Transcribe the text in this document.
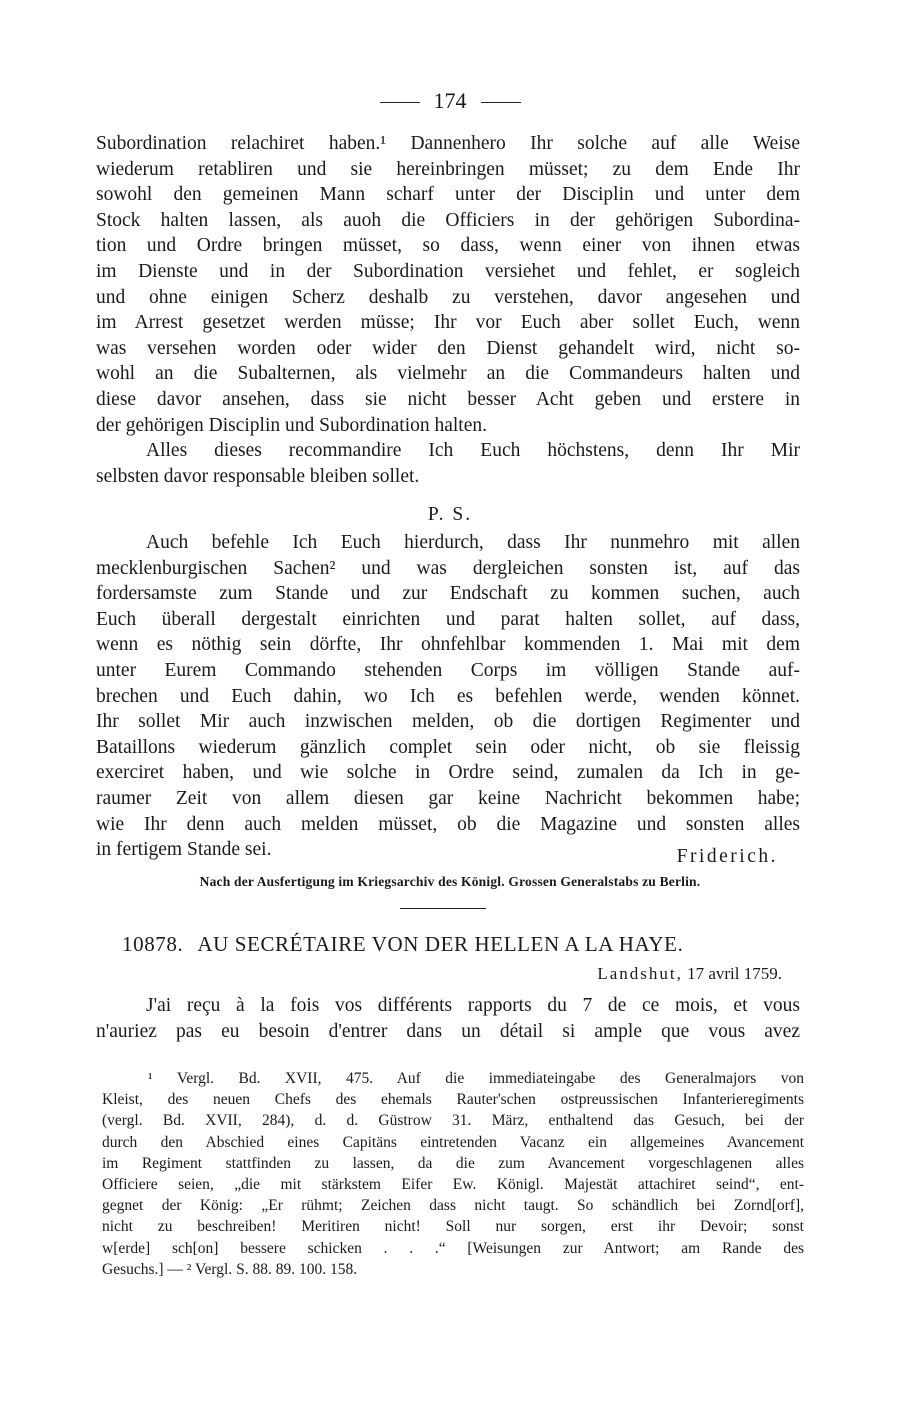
174
Subordination relachiret haben.¹ Dannenhero Ihr solche auf alle Weise
wiederum retabliren und sie hereinbringen müsset; zu dem Ende Ihr
sowohl den gemeinen Mann scharf unter der Disciplin und unter dem
Stock halten lassen, als auoh die Officiers in der gehörigen Subordina-
tion und Ordre bringen müsset, so dass, wenn einer von ihnen etwas
im Dienste und in der Subordination versiehet und fehlet, er sogleich
und ohne einigen Scherz deshalb zu verstehen, davor angesehen und
im Arrest gesetzet werden müsse; Ihr vor Euch aber sollet Euch, wenn
was versehen worden oder wider den Dienst gehandelt wird, nicht so-
wohl an die Subalternen, als vielmehr an die Commandeurs halten und
diese davor ansehen, dass sie nicht besser Acht geben und erstere in
der gehörigen Disciplin und Subordination halten.
Alles dieses recommandire Ich Euch höchstens, denn Ihr Mir
selbsten davor responsable bleiben sollet.
P. S.
Auch befehle Ich Euch hierdurch, dass Ihr nunmehro mit allen
mecklenburgischen Sachen² und was dergleichen sonsten ist, auf das
fordersamste zum Stande und zur Endschaft zu kommen suchen, auch
Euch überall dergestalt einrichten und parat halten sollet, auf dass,
wenn es nöthig sein dörfte, Ihr ohnfehlbar kommenden 1. Mai mit dem
unter Eurem Commando stehenden Corps im völligen Stande auf-
brechen und Euch dahin, wo Ich es befehlen werde, wenden könnet.
Ihr sollet Mir auch inzwischen melden, ob die dortigen Regimenter und
Bataillons wiederum gänzlich complet sein oder nicht, ob sie fleissig
exerciret haben, und wie solche in Ordre seind, zumalen da Ich in ge-
raumer Zeit von allem diesen gar keine Nachricht bekommen habe;
wie Ihr denn auch melden müsset, ob die Magazine und sonsten alles
in fertigem Stande sei.	Friderich.
Nach der Ausfertigung im Kriegsarchiv des Königl. Grossen Generalstabs zu Berlin.
10878. AU SECRÉTAIRE VON DER HELLEN A LA HAYE.
Landshut, 17 avril 1759.
J'ai reçu à la fois vos différents rapports du 7 de ce mois, et vous
n'auriez pas eu besoin d'entrer dans un détail si ample que vous avez
¹ Vergl. Bd. XVII, 475. Auf die immediateingabe des Generalmajors von
Kleist, des neuen Chefs des ehemals Rauter'schen ostpreussischen Infanterieregiments
(vergl. Bd. XVII, 284), d. d. Güstrow 31. März, enthaltend das Gesuch, bei der
durch den Abschied eines Capitäns eintretenden Vacanz ein allgemeines Avancement
im Regiment stattfinden zu lassen, da die zum Avancement vorgeschlagenen alles
Officiere seien, „die mit stärkstem Eifer Ew. Königl. Majestät attachiret seind“, ent-
gegnet der König: „Er rühmt; Zeichen dass nicht taugt. So schändlich bei Zornd[orf],
nicht zu beschreiben! Meritiren nicht! Soll nur sorgen, erst ihr Devoir; sonst
w[erde] sch[on] bessere schicken . . .“ [Weisungen zur Antwort; am Rande des
Gesuchs.] — ² Vergl. S. 88. 89. 100. 158.
